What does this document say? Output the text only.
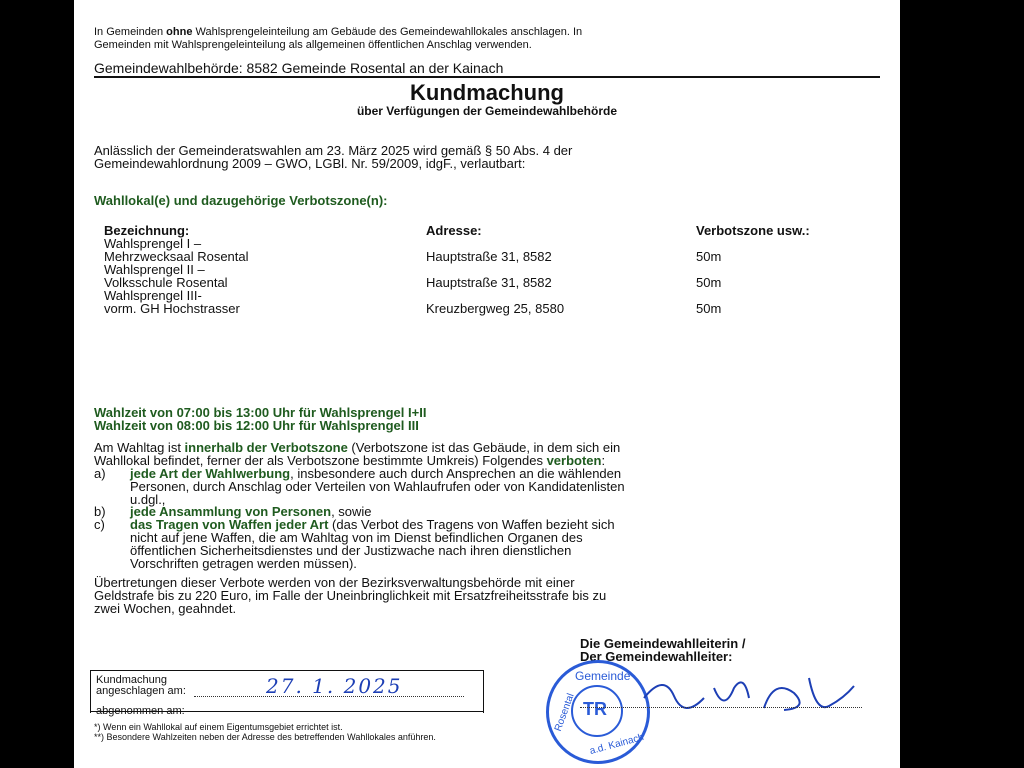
In Gemeinden ohne Wahlsprengeleinteilung am Gebäude des Gemeindewahllokales anschlagen. In
Gemeinden mit Wahlsprengeleinteilung als allgemeinen öffentlichen Anschlag verwenden.
Gemeindewahlbehörde: 8582 Gemeinde Rosental an der Kainach
Kundmachung
über Verfügungen der Gemeindewahlbehörde
Anlässlich der Gemeinderatswahlen am 23. März 2025 wird gemäß § 50 Abs. 4 der
Gemeindewahlordnung 2009 – GWO, LGBl. Nr. 59/2009, idgF., verlautbart:
Wahllokal(e) und dazugehörige Verbotszone(n):
Bezeichnung:	Adresse:	Verbotszone usw.:
Wahlsprengel I –
Mehrzwecksaal Rosental	Hauptstraße 31, 8582	50m
Wahlsprengel II –
Volksschule Rosental	Hauptstraße 31, 8582	50m
Wahlsprengel III-
vorm. GH Hochstrasser	Kreuzbergweg 25, 8580	50m
Wahlzeit von 07:00 bis 13:00 Uhr für Wahlsprengel I+II
Wahlzeit von 08:00 bis 12:00 Uhr für Wahlsprengel III
Am Wahltag ist innerhalb der Verbotszone (Verbotszone ist das Gebäude, in dem sich ein
Wahllokal befindet, ferner der als Verbotszone bestimmte Umkreis) Folgendes verboten:
a) jede Art der Wahlwerbung, insbesondere auch durch Ansprechen an die wählenden
Personen, durch Anschlag oder Verteilen von Wahlaufrufen oder von Kandidatenlisten
u.dgl.,
b) jede Ansammlung von Personen, sowie
c) das Tragen von Waffen jeder Art (das Verbot des Tragens von Waffen bezieht sich
nicht auf jene Waffen, die am Wahltag von im Dienst befindlichen Organen des
öffentlichen Sicherheitsdienstes und der Justizwache nach ihren dienstlichen
Vorschriften getragen werden müssen).
Übertretungen dieser Verbote werden von der Bezirksverwaltungsbehörde mit einer
Geldstrafe bis zu 220 Euro, im Falle der Uneinbringlichkeit mit Ersatzfreiheitsstrafe bis zu
zwei Wochen, geahndet.
Die Gemeindewahlleiterin /
Der Gemeindewahlleiter:
Kundmachung
angeschlagen am:	27. 1. 2025
abgenommen am:
*) Wenn ein Wahllokal auf einem Eigentumsgebiet errichtet ist.
**) Besondere Wahlzeiten neben der Adresse des betreffenden Wahllokales anführen.
Gemeinde
Rosental
a.d. Kainach
TR
